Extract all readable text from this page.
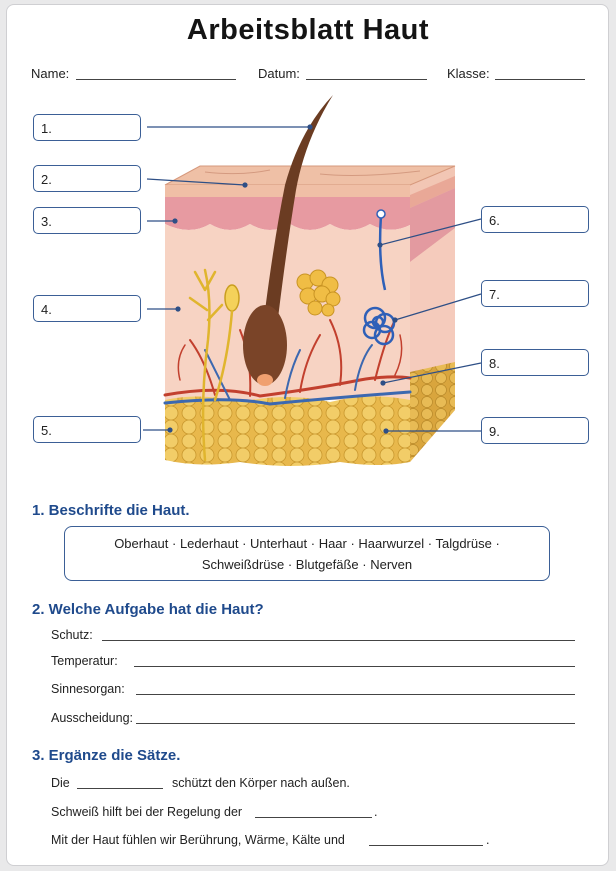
Arbeitsblatt Haut
Name:	Datum:	Klasse:
1.
2.
3.
4.
5.
6.
7.
8.
9.
1. Beschrifte die Haut.
Oberhaut · Lederhaut · Unterhaut · Haar · Haarwurzel · Talgdrüse ·
Schweißdrüse · Blutgefäße · Nerven
2. Welche Aufgabe hat die Haut?
Schutz:
Temperatur:
Sinnesorgan:
Ausscheidung:
3. Ergänze die Sätze.
Die	schützt den Körper nach außen.
Schweiß hilft bei der Regelung der	.
Mit der Haut fühlen wir Berührung, Wärme, Kälte und	.
